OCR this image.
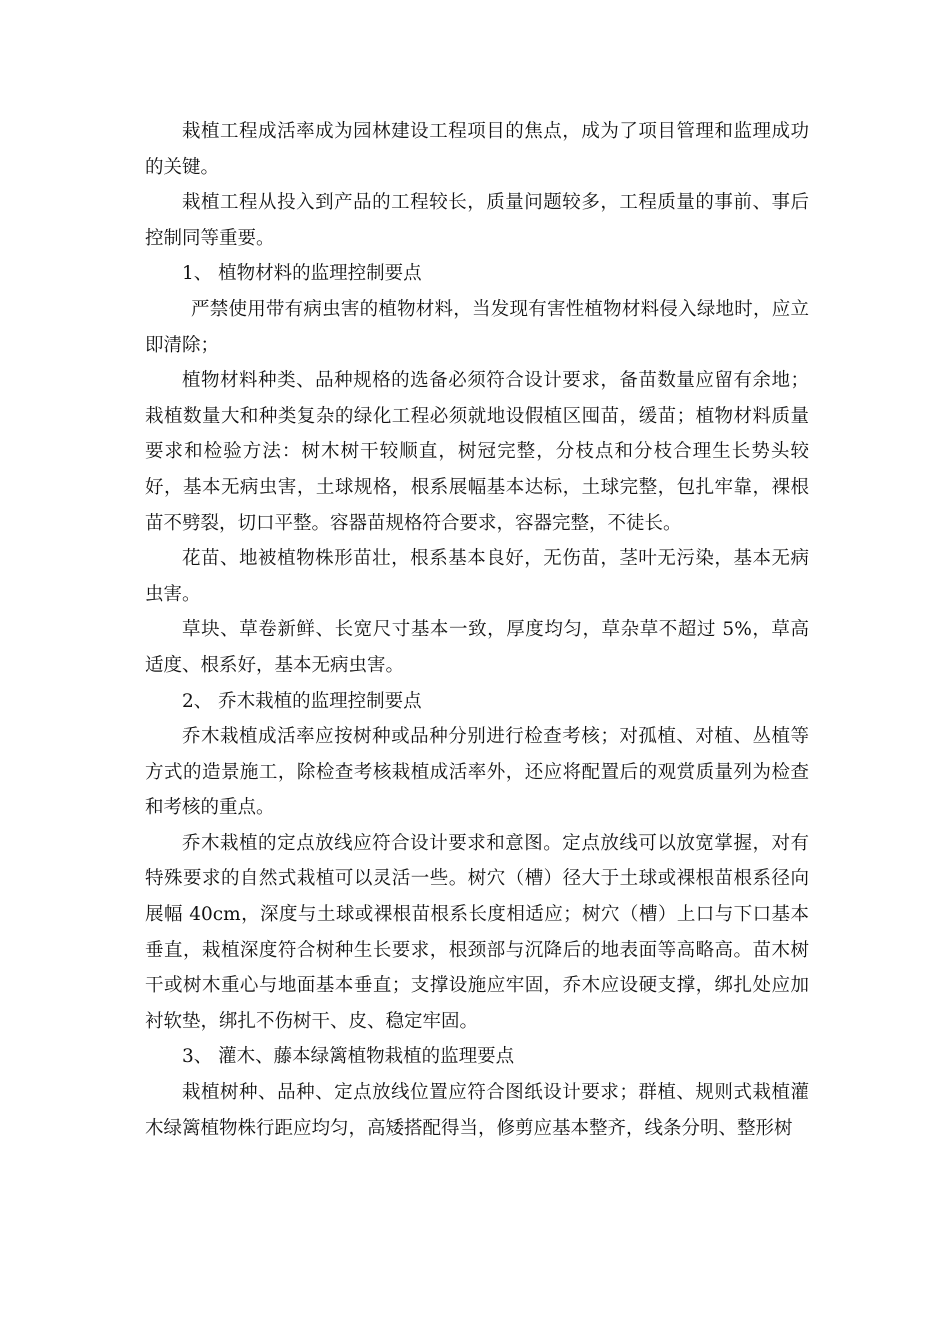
栽植工程成活率成为园林建设工程项目的焦点，成为了项目管理和监理成功的关键。

栽植工程从投入到产品的工程较长，质量问题较多，工程质量的事前、事后控制同等重要。

1、 植物材料的监理控制要点

严禁使用带有病虫害的植物材料，当发现有害性植物材料侵入绿地时，应立即清除；

植物材料种类、品种规格的选备必须符合设计要求，备苗数量应留有余地；栽植数量大和种类复杂的绿化工程必须就地设假植区囤苗，缓苗；植物材料质量要求和检验方法：树木树干较顺直，树冠完整，分枝点和分枝合理生长势头较好，基本无病虫害，土球规格，根系展幅基本达标，土球完整，包扎牢靠，裸根苗不劈裂，切口平整。容器苗规格符合要求，容器完整，不徒长。

花苗、地被植物株形苗壮，根系基本良好，无伤苗，茎叶无污染，基本无病虫害。

草块、草卷新鲜、长宽尺寸基本一致，厚度均匀，草杂草不超过 5%，草高适度、根系好，基本无病虫害。

2、 乔木栽植的监理控制要点

乔木栽植成活率应按树种或品种分别进行检查考核；对孤植、对植、丛植等方式的造景施工，除检查考核栽植成活率外，还应将配置后的观赏质量列为检查和考核的重点。

乔木栽植的定点放线应符合设计要求和意图。定点放线可以放宽掌握，对有特殊要求的自然式栽植可以灵活一些。树穴（槽）径大于土球或裸根苗根系径向展幅 40cm，深度与土球或裸根苗根系长度相适应；树穴（槽）上口与下口基本垂直，栽植深度符合树种生长要求，根颈部与沉降后的地表面等高略高。苗木树干或树木重心与地面基本垂直；支撑设施应牢固，乔木应设硬支撑，绑扎处应加衬软垫，绑扎不伤树干、皮、稳定牢固。

3、 灌木、藤本绿篱植物栽植的监理要点

栽植树种、品种、定点放线位置应符合图纸设计要求；群植、规则式栽植灌木绿篱植物株行距应均匀，高矮搭配得当，修剪应基本整齐，线条分明、整形树
